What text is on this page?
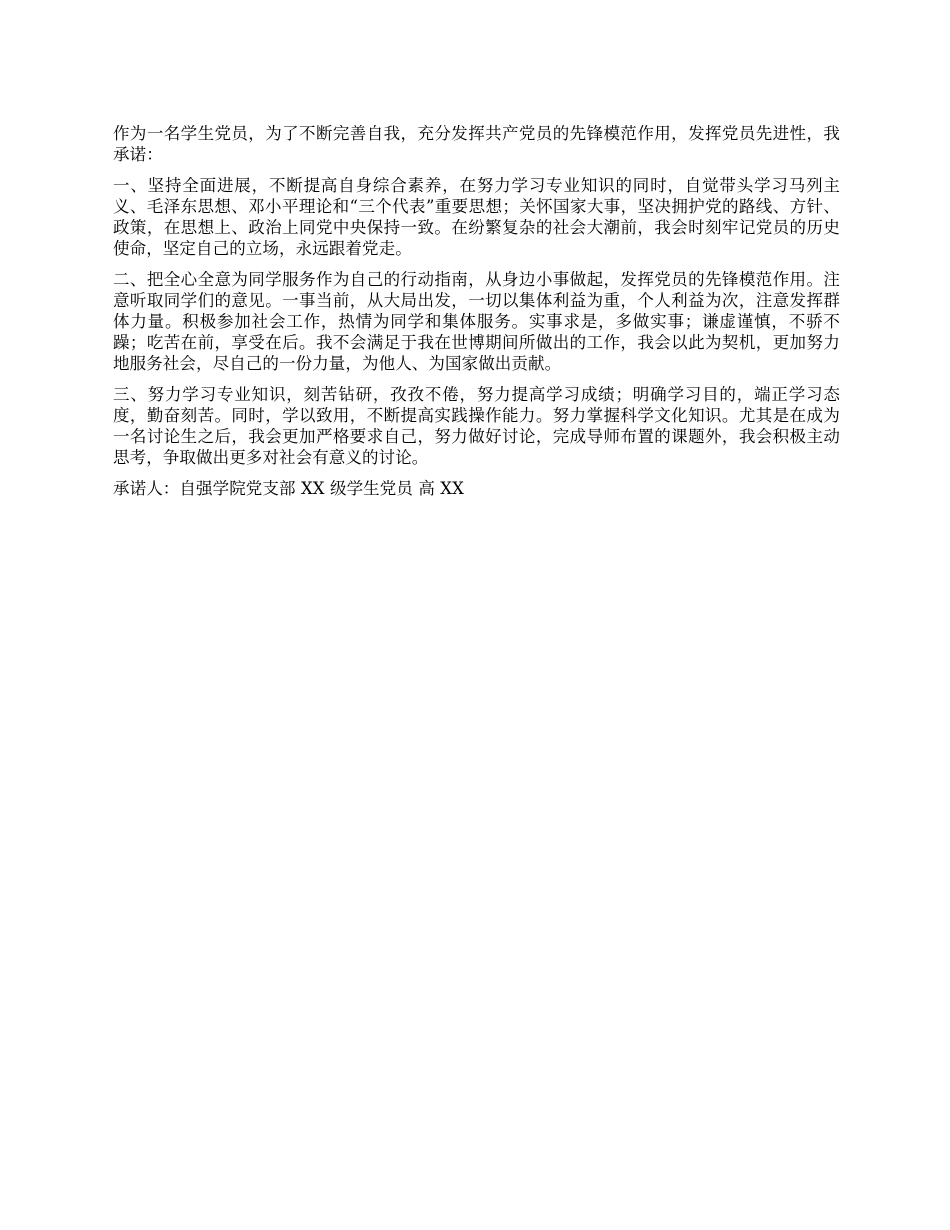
作为一名学生党员，为了不断完善自我，充分发挥共产党员的先锋模范作用，发挥党员先进性，我承诺：

一、坚持全面进展，不断提高自身综合素养，在努力学习专业知识的同时，自觉带头学习马列主义、毛泽东思想、邓小平理论和“三个代表”重要思想；关怀国家大事，坚决拥护党的路线、方针、政策，在思想上、政治上同党中央保持一致。在纷繁复杂的社会大潮前，我会时刻牢记党员的历史使命，坚定自己的立场，永远跟着党走。

二、把全心全意为同学服务作为自己的行动指南，从身边小事做起，发挥党员的先锋模范作用。注意听取同学们的意见。一事当前，从大局出发，一切以集体利益为重，个人利益为次，注意发挥群体力量。积极参加社会工作，热情为同学和集体服务。实事求是，多做实事；谦虚谨慎，不骄不躁；吃苦在前，享受在后。我不会满足于我在世博期间所做出的工作，我会以此为契机，更加努力地服务社会，尽自己的一份力量，为他人、为国家做出贡献。

三、努力学习专业知识，刻苦钻研，孜孜不倦，努力提高学习成绩；明确学习目的，端正学习态度，勤奋刻苦。同时，学以致用，不断提高实践操作能力。努力掌握科学文化知识。尤其是在成为一名讨论生之后，我会更加严格要求自己，努力做好讨论，完成导师布置的课题外，我会积极主动思考，争取做出更多对社会有意义的讨论。

承诺人：自强学院党支部 XX 级学生党员 高 XX
